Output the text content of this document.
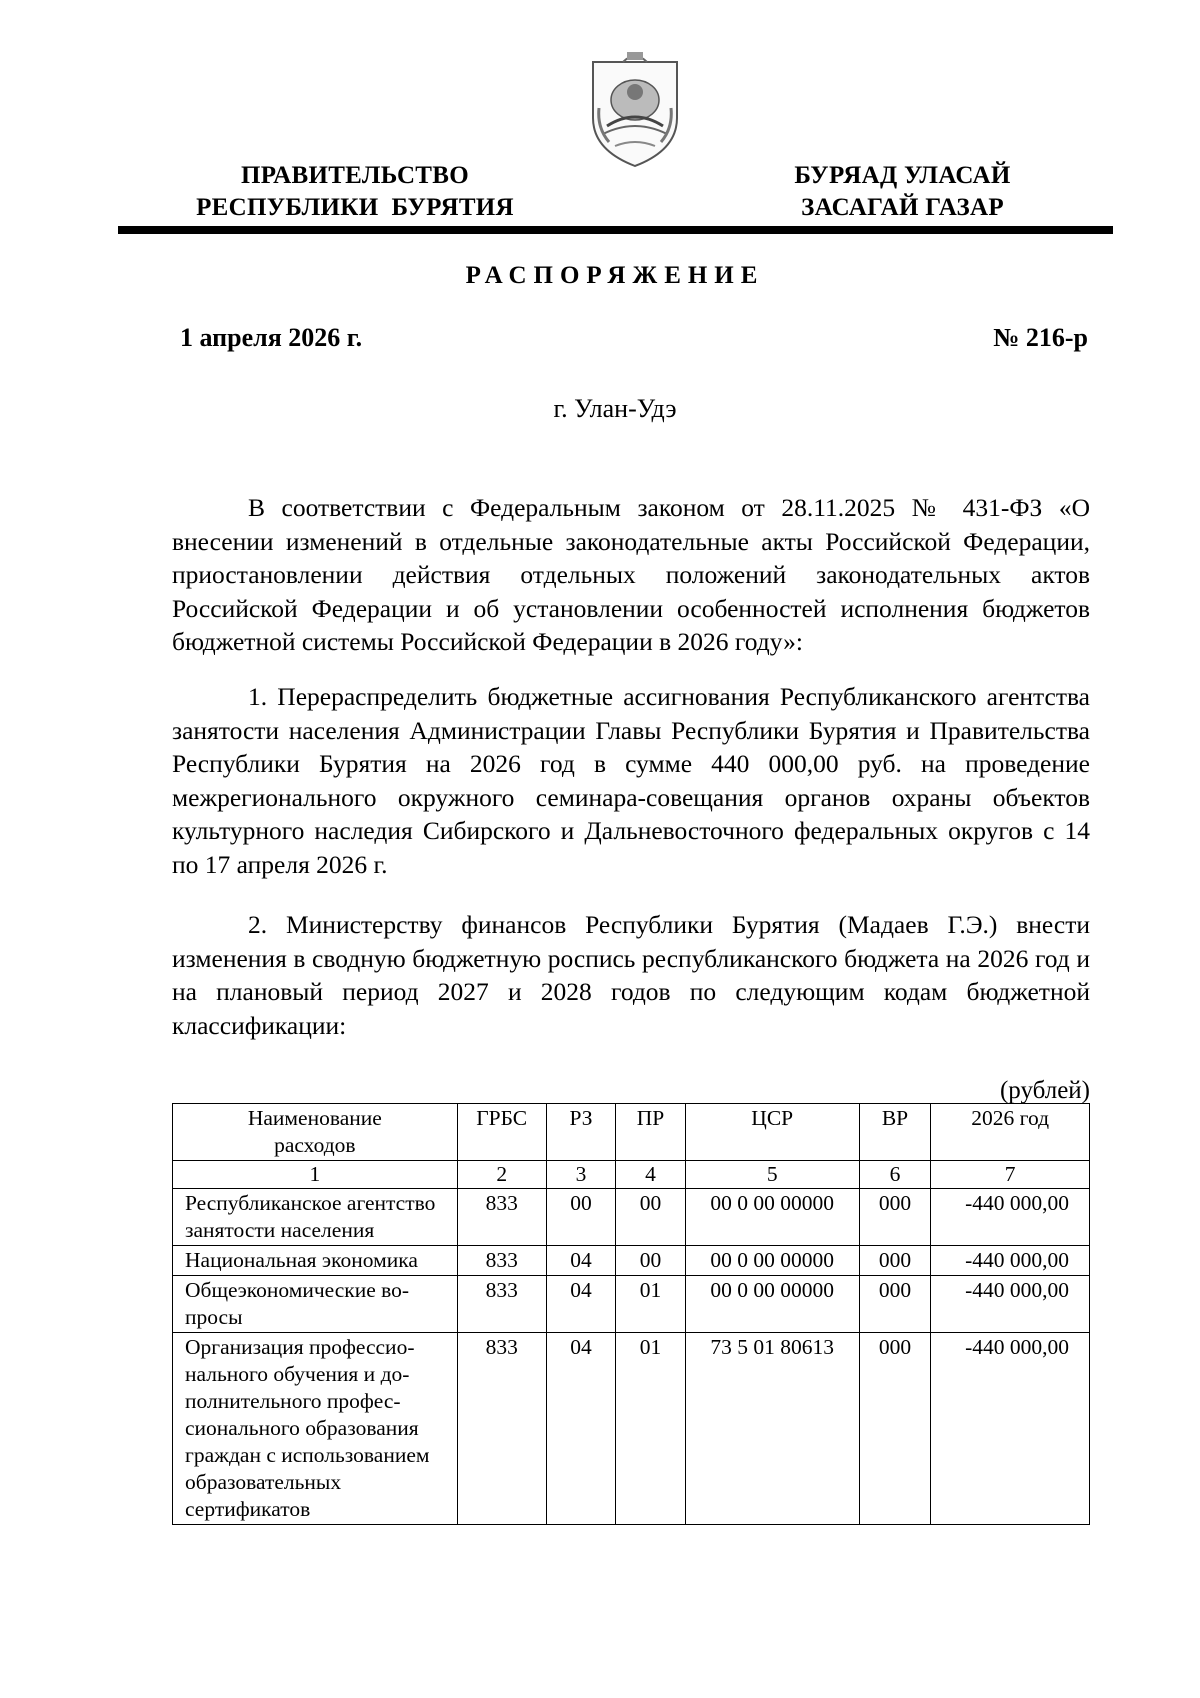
ПРАВИТЕЛЬСТВО
РЕСПУБЛИКИ  БУРЯТИЯ
БУРЯАД УЛАСАЙ
ЗАСАГАЙ ГАЗАР
РАСПОРЯЖЕНИЕ
1 апреля 2026 г.	№ 216-р
г. Улан-Удэ

В соответствии с Федеральным законом от 28.11.2025 № 431-ФЗ «О внесении изменений в отдельные законодательные акты Российской Федерации, приостановлении действия отдельных положений законодательных актов Российской Федерации и об установлении особенностей исполнения бюджетов бюджетной системы Российской Федерации в 2026 году»:

1. Перераспределить бюджетные ассигнования Республиканского агентства занятости населения Администрации Главы Республики Бурятия и Правительства Республики Бурятия на 2026 год в сумме 440 000,00 руб. на проведение межрегионального окружного семинара-совещания органов охраны объектов культурного наследия Сибирского и Дальневосточного федеральных округов с 14 по 17 апреля 2026 г.

2. Министерству финансов Республики Бурятия (Мадаев Г.Э.) внести изменения в сводную бюджетную роспись республиканского бюджета на 2026 год и на плановый период 2027 и 2028 годов по следующим кодам бюджетной классификации:

(рублей)
Наименование расходов	ГРБС	РЗ	ПР	ЦСР	ВР	2026 год
1	2	3	4	5	6	7
Республиканское агентство занятости населения	833	00	00	00 0 00 00000	000	-440 000,00
Национальная экономика	833	04	00	00 0 00 00000	000	-440 000,00
Общеэкономические вопросы	833	04	01	00 0 00 00000	000	-440 000,00
Организация профессионального обучения и дополнительного профессионального образования граждан с использованием образовательных сертификатов	833	04	01	73 5 01 80613	000	-440 000,00
